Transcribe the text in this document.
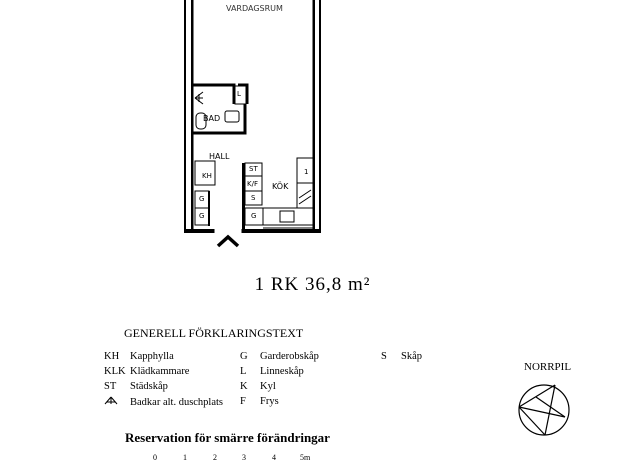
VARDAGSRUM
BAD
HALL
KÖK
L
KH
G
G
ST
K/F
S
G
1
1 RK 36,8 m²
GENERELL FÖRKLARINGSTEXT
KH Kapphylla
KLK Klädkammare
ST Städskåp
Badkar alt. duschplats
G Garderobskåp
L Linneskåp
K Kyl
F Frys
S Skåp
NORRPIL
Reservation för smärre förändringar
0	1	2	3	4	5m
